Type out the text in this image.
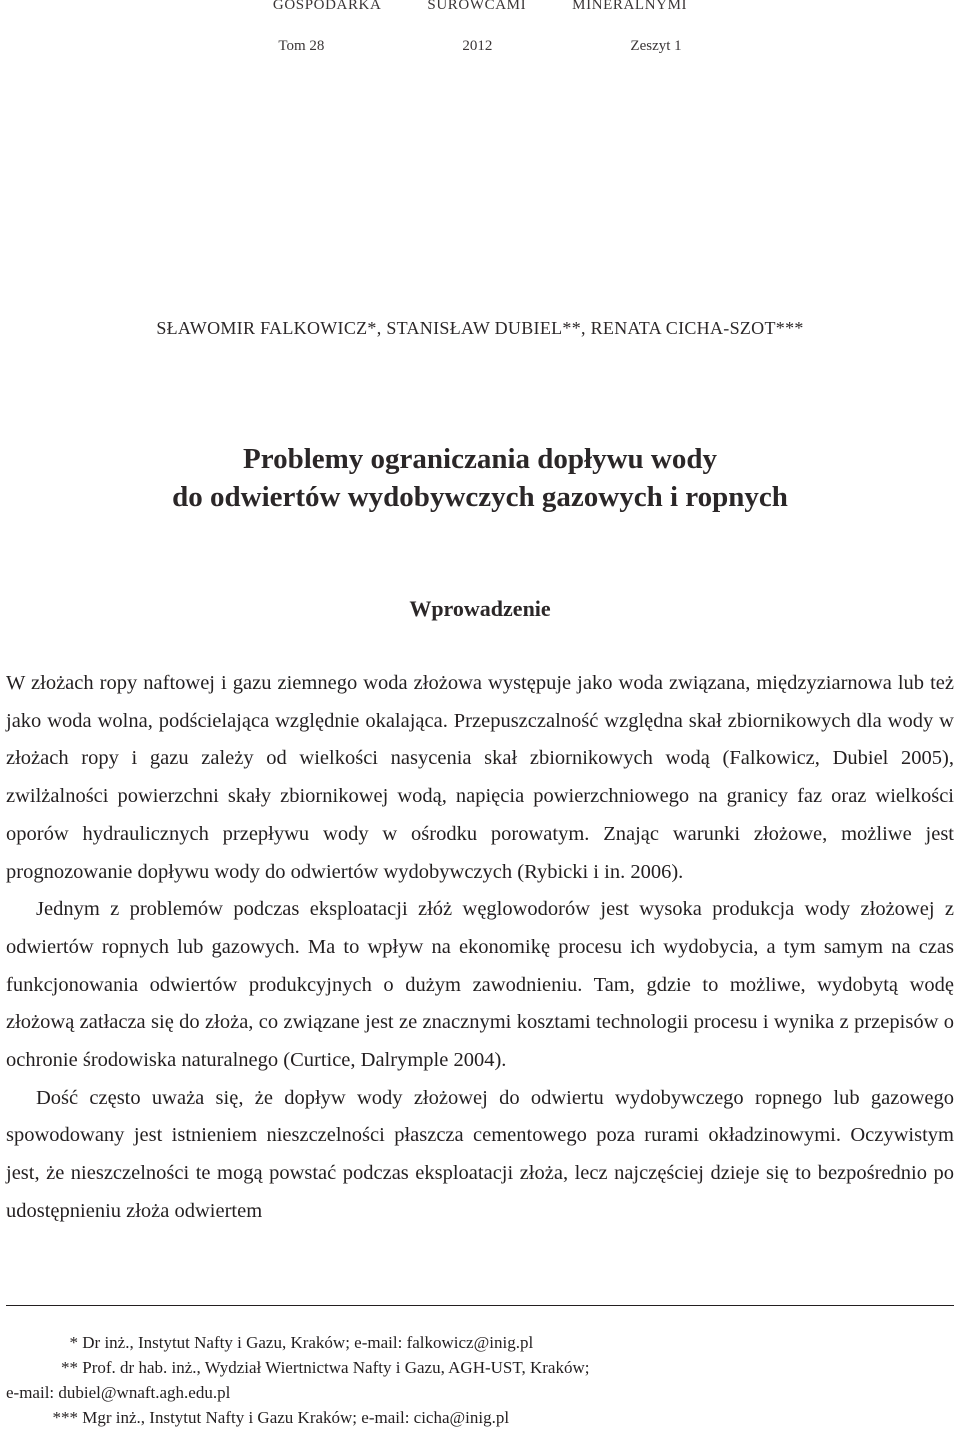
GOSPODARKA	SUROWCAMI	MINERALNYMI
Tom 28	2012	Zeszyt 1
SŁAWOMIR FALKOWICZ*, STANISŁAW DUBIEL**, RENATA CICHA-SZOT***
Problemy ograniczania dopływu wody
do odwiertów wydobywczych gazowych i ropnych
Wprowadzenie

W złożach ropy naftowej i gazu ziemnego woda złożowa występuje jako woda związana, międzyziarnowa lub też jako woda wolna, podścielająca względnie okalająca. Przepuszczalność względna skał zbiornikowych dla wody w złożach ropy i gazu zależy od wielkości nasycenia skał zbiornikowych wodą (Falkowicz, Dubiel 2005), zwilżalności powierzchni skały zbiornikowej wodą, napięcia powierzchniowego na granicy faz oraz wielkości oporów hydraulicznych przepływu wody w ośrodku porowatym. Znając warunki złożowe, możliwe jest prognozowanie dopływu wody do odwiertów wydobywczych (Rybicki i in. 2006).

Jednym z problemów podczas eksploatacji złóż węglowodorów jest wysoka produkcja wody złożowej z odwiertów ropnych lub gazowych. Ma to wpływ na ekonomikę procesu ich wydobycia, a tym samym na czas funkcjonowania odwiertów produkcyjnych o dużym zawodnieniu. Tam, gdzie to możliwe, wydobytą wodę złożową zatłacza się do złoża, co związane jest ze znacznymi kosztami technologii procesu i wynika z przepisów o ochronie środowiska naturalnego (Curtice, Dalrymple 2004).

Dość często uważa się, że dopływ wody złożowej do odwiertu wydobywczego ropnego lub gazowego spowodowany jest istnieniem nieszczelności płaszcza cementowego poza rurami okładzinowymi. Oczywistym jest, że nieszczelności te mogą powstać podczas eksploatacji złoża, lecz najczęściej dzieje się to bezpośrednio po udostępnieniu złoża odwiertem

* Dr inż., Instytut Nafty i Gazu, Kraków; e-mail: falkowicz@inig.pl
** Prof. dr hab. inż., Wydział Wiertnictwa Nafty i Gazu, AGH-UST, Kraków;
e-mail: dubiel@wnaft.agh.edu.pl
*** Mgr inż., Instytut Nafty i Gazu Kraków; e-mail: cicha@inig.pl
